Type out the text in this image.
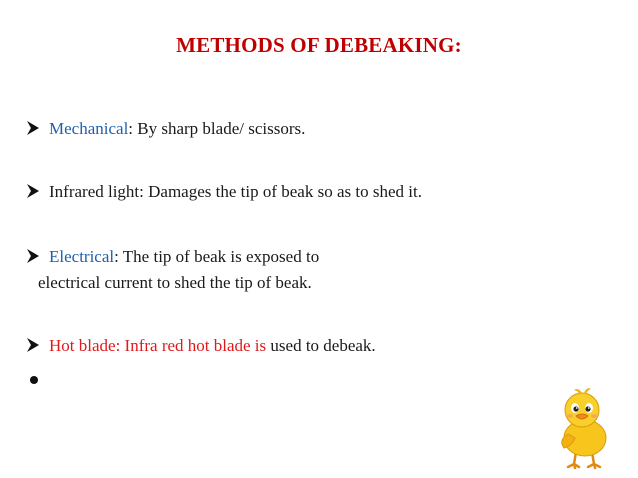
METHODS OF DEBEAKING:
Mechanical: By sharp blade/ scissors.
Infrared light: Damages the tip of beak so as to shed it.
Electrical: The tip of beak is exposed to
electrical current to shed the tip of beak.
Hot blade: Infra red hot blade is used to debeak.
